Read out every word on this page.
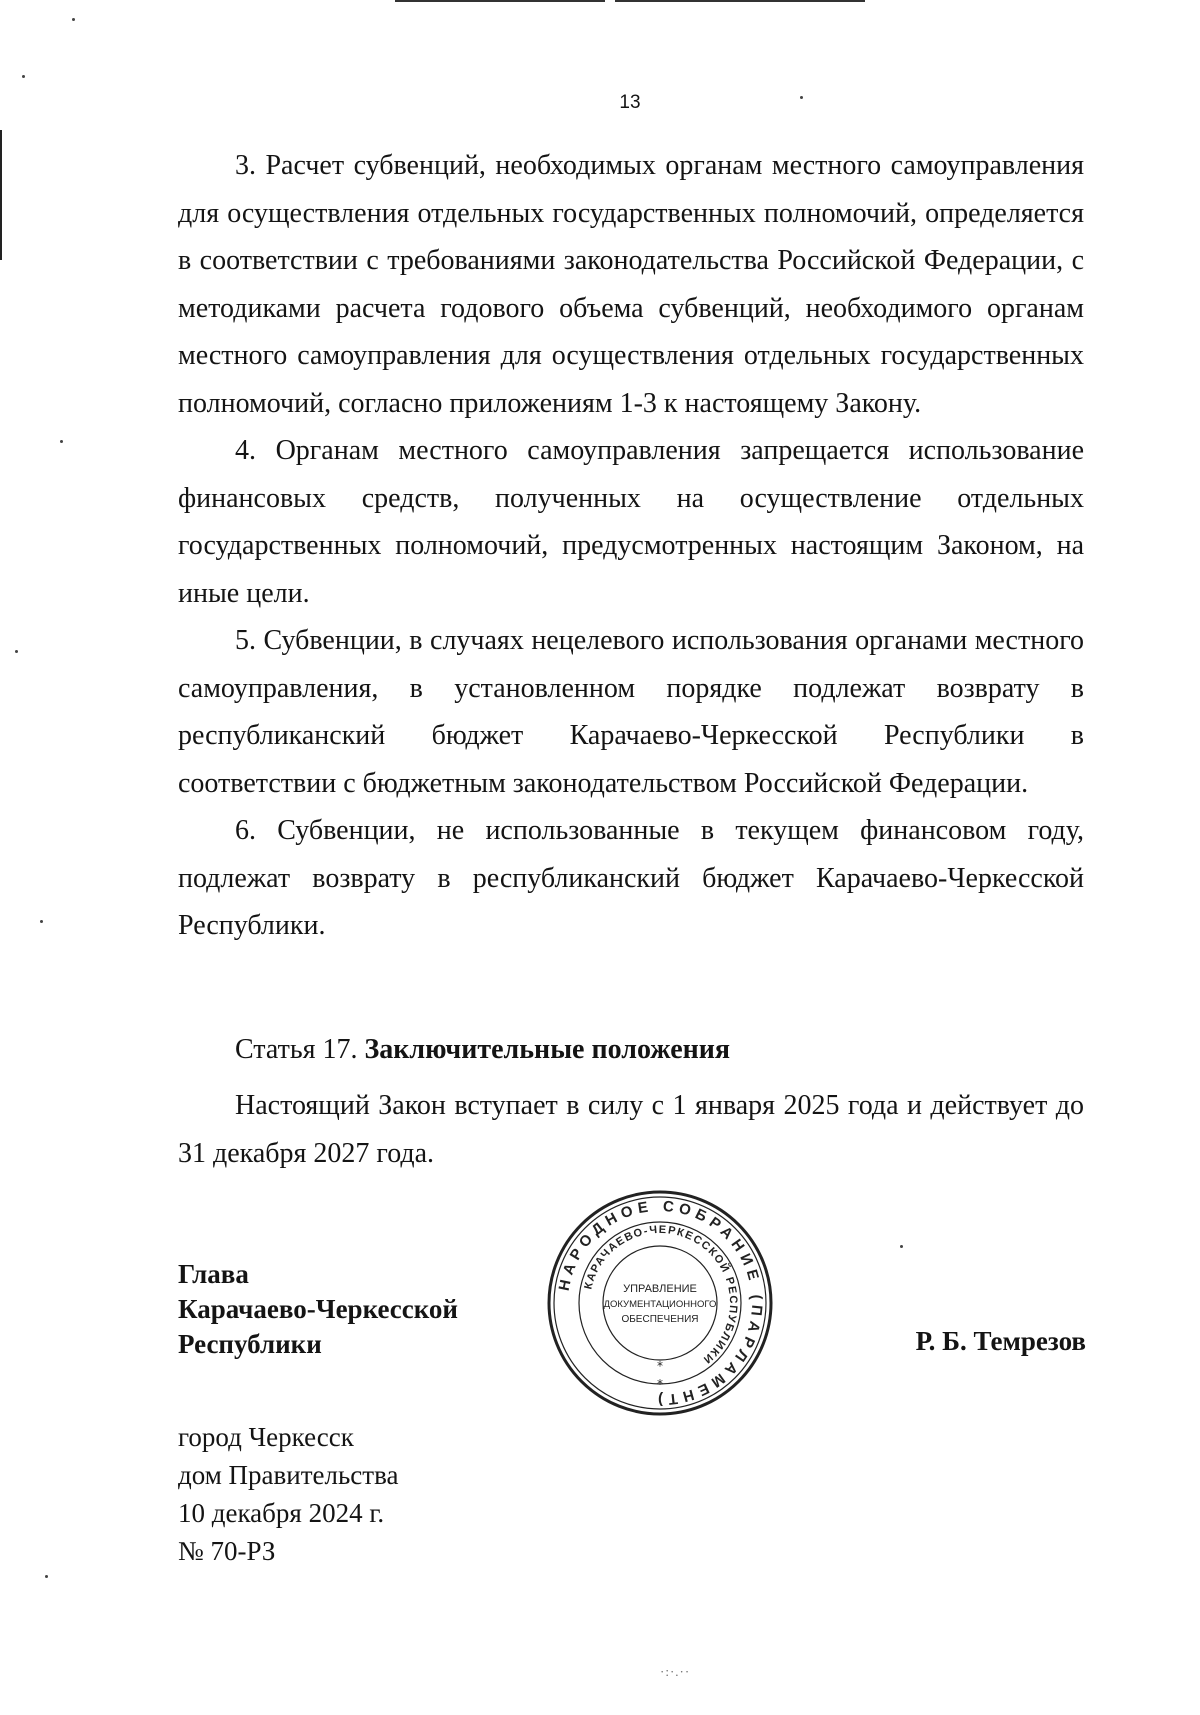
13

3. Расчет субвенций, необходимых органам местного самоуправления для осуществления отдельных государственных полномочий, определяется в соответствии с требованиями законодательства Российской Федерации, с методиками расчета годового объема субвенций, необходимого органам местного самоуправления для осуществления отдельных государственных полномочий, согласно приложениям 1-3 к настоящему Закону.

4. Органам местного самоуправления запрещается использование финансовых средств, полученных на осуществление отдельных государственных полномочий, предусмотренных настоящим Законом, на иные цели.

5. Субвенции, в случаях нецелевого использования органами местного самоуправления, в установленном порядке подлежат возврату в республиканский бюджет Карачаево-Черкесской Республики в соответствии с бюджетным законодательством Российской Федерации.

6. Субвенции, не использованные в текущем финансовом году, подлежат возврату в республиканский бюджет Карачаево-Черкесской Республики.

Статья 17. Заключительные положения

Настоящий Закон вступает в силу с 1 января 2025 года и действует до 31 декабря 2027 года.

Глава
Карачаево-Черкесской
Республики
НАРОДНОЕ СОБРАНИЕ (ПАРЛАМЕНТ)
КАРАЧАЕВО-ЧЕРКЕССКОЙ РЕСПУБЛИКИ
УПРАВЛЕНИЕ
ДОКУМЕНТАЦИОННОГО
ОБЕСПЕЧЕНИЯ
*
*
Р. Б. Темрезов
город Черкесск
дом Правительства
10 декабря 2024 г.
№ 70-РЗ
·:·.··
